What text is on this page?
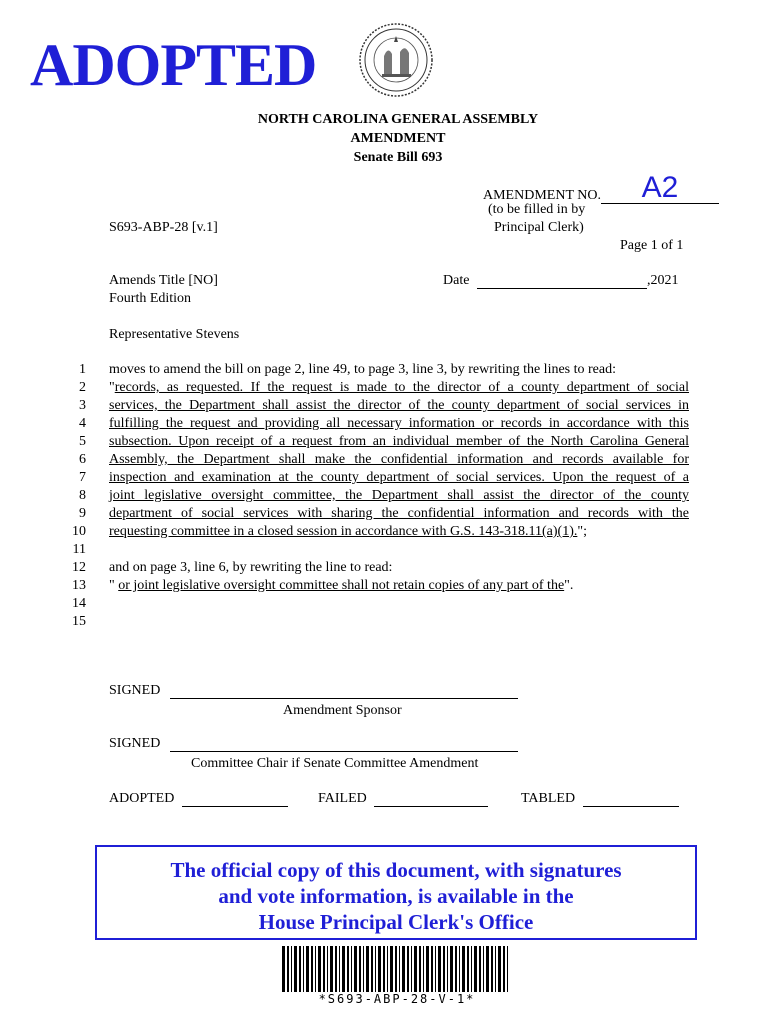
ADOPTED
NORTH CAROLINA GENERAL ASSEMBLY
AMENDMENT
Senate Bill 693
AMENDMENT NO. A2
(to be filled in by
Principal Clerk)
S693-ABP-28 [v.1]
Page 1 of 1
Amends Title [NO]
Fourth Edition
Date	,2021
Representative Stevens
1 moves to amend the bill on page 2, line 49, to page 3, line 3, by rewriting the lines to read:
2 "records, as requested. If the request is made to the director of a county department of social
3 services, the Department shall assist the director of the county department of social services in
4 fulfilling the request and providing all necessary information or records in accordance with this
5 subsection. Upon receipt of a request from an individual member of the North Carolina General
6 Assembly, the Department shall make the confidential information and records available for
7 inspection and examination at the county department of social services. Upon the request of a
8 joint legislative oversight committee, the Department shall assist the director of the county
9 department of social services with sharing the confidential information and records with the
10 requesting committee in a closed session in accordance with G.S. 143-318.11(a)(1).";
11
12 and on page 3, line 6, by rewriting the line to read:
13 " or joint legislative oversight committee shall not retain copies of any part of the".
14
15
SIGNED
Amendment Sponsor
SIGNED
Committee Chair if Senate Committee Amendment
ADOPTED	FAILED	TABLED
The official copy of this document, with signatures
and vote information, is available in the
House Principal Clerk's Office
*S693-ABP-28-V-1*
